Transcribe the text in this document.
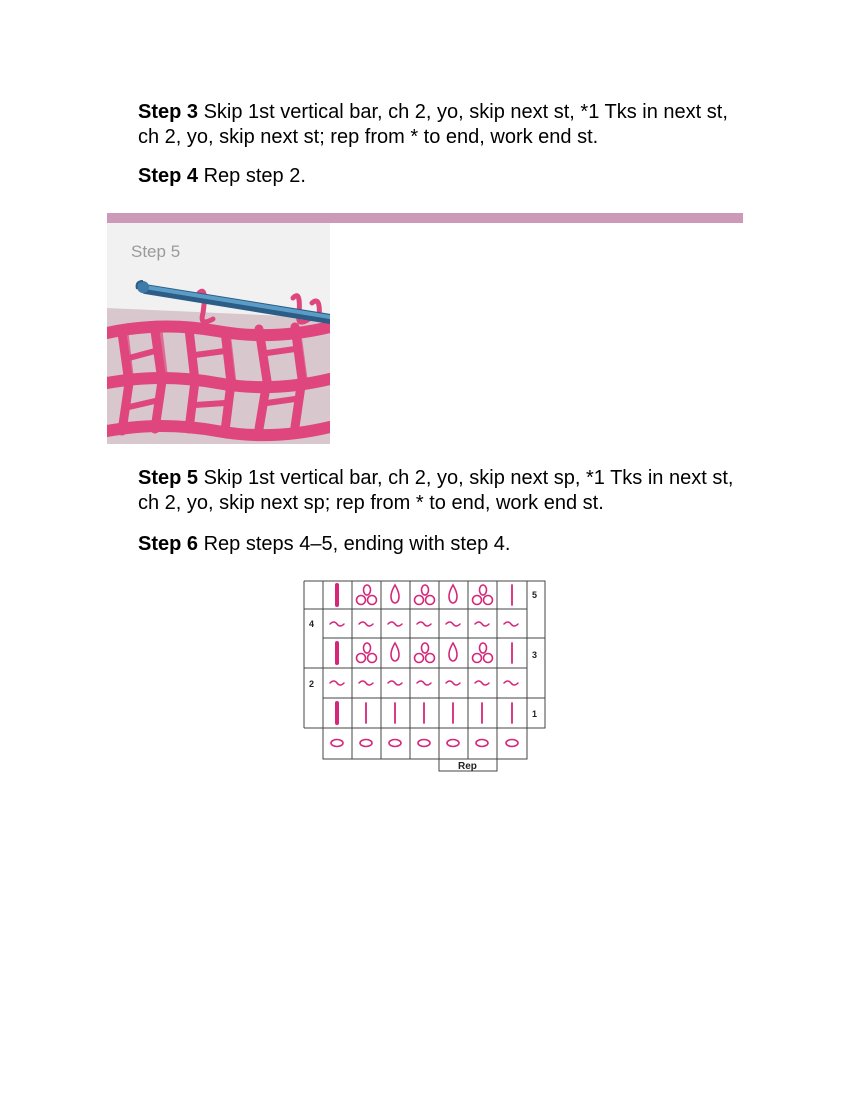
Step 3 Skip 1st vertical bar, ch 2, yo, skip next st, *1 Tks in next st, ch 2, yo, skip next st; rep from * to end, work end st.

Step 4 Rep step 2.

Step 5

Step 5 Skip 1st vertical bar, ch 2, yo, skip next sp, *1 Tks in next st, ch 2, yo, skip next sp; rep from * to end, work end st.

Step 6 Rep steps 4–5, ending with step 4.

5
4
3
2
1
Rep
